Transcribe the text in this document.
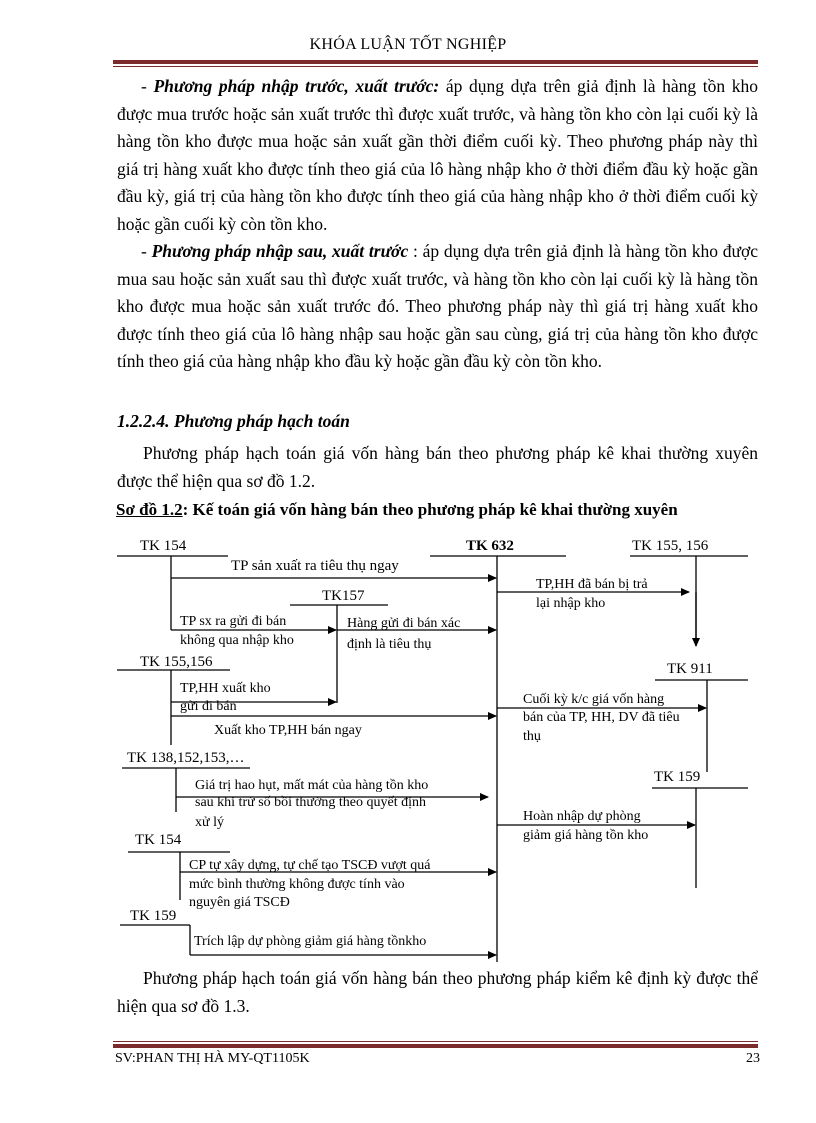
KHÓA LUẬN TỐT NGHIỆP

- Phương pháp nhập trước, xuất trước: áp dụng dựa trên giả định là hàng tồn kho được mua trước hoặc sản xuất trước thì được xuất trước, và hàng tồn kho còn lại cuối kỳ là hàng tồn kho được mua hoặc sản xuất gần thời điểm cuối kỳ. Theo phương pháp này thì giá trị hàng xuất kho được tính theo giá của lô hàng nhập kho ở thời điểm đầu kỳ hoặc gần đầu kỳ, giá trị của hàng tồn kho được tính theo giá của hàng nhập kho ở thời điểm cuối kỳ hoặc gần cuối kỳ còn tồn kho.

- Phương pháp nhập sau, xuất trước : áp dụng dựa trên giả định là hàng tồn kho được mua sau hoặc sản xuất sau thì được xuất trước, và hàng tồn kho còn lại cuối kỳ là hàng tồn kho được mua hoặc sản xuất trước đó. Theo phương pháp này thì giá trị hàng xuất kho được tính theo giá của lô hàng nhập sau hoặc gần sau cùng, giá trị của hàng tồn kho được tính theo giá của hàng nhập kho đầu kỳ hoặc gần đầu kỳ còn tồn kho.

1.2.2.4. Phương pháp hạch toán

Phương pháp hạch toán giá vốn hàng bán theo phương pháp kê khai thường xuyên được thể hiện qua sơ đồ 1.2.

Sơ đồ 1.2: Kế toán giá vốn hàng bán theo phương pháp kê khai thường xuyên

TK 154	TK 632	TK 155, 156
TK157
TK 155,156	TK 911
TK 138,152,153,…
TK 159
TK 154
TK 159
TP sản xuất ra tiêu thụ ngay
TP sx ra gửi đi bán
không qua nhập kho
Hàng gửi đi bán xác
định là tiêu thụ
TP,HH đã bán bị trả
lại nhập kho
TP,HH xuất kho
gửi đi bán
Xuất kho TP,HH bán ngay
Cuối kỳ k/c giá vốn hàng
bán của TP, HH, DV đã tiêu
thụ
Giá trị hao hụt, mất mát của hàng tồn kho
sau khi trừ số bồi thường theo quyết định
xử lý	Hoàn nhập dự phòng
giảm giá hàng tồn kho
CP tự xây dựng, tự chế tạo TSCĐ vượt quá
mức bình thường không được tính vào
nguyên giá TSCĐ
Trích lập dự phòng giảm giá hàng tồnkho

Phương pháp hạch toán giá vốn hàng bán theo phương pháp kiểm kê định kỳ được thể hiện qua sơ đồ 1.3.

SV:PHAN THỊ HÀ MY-QT1105K	23
